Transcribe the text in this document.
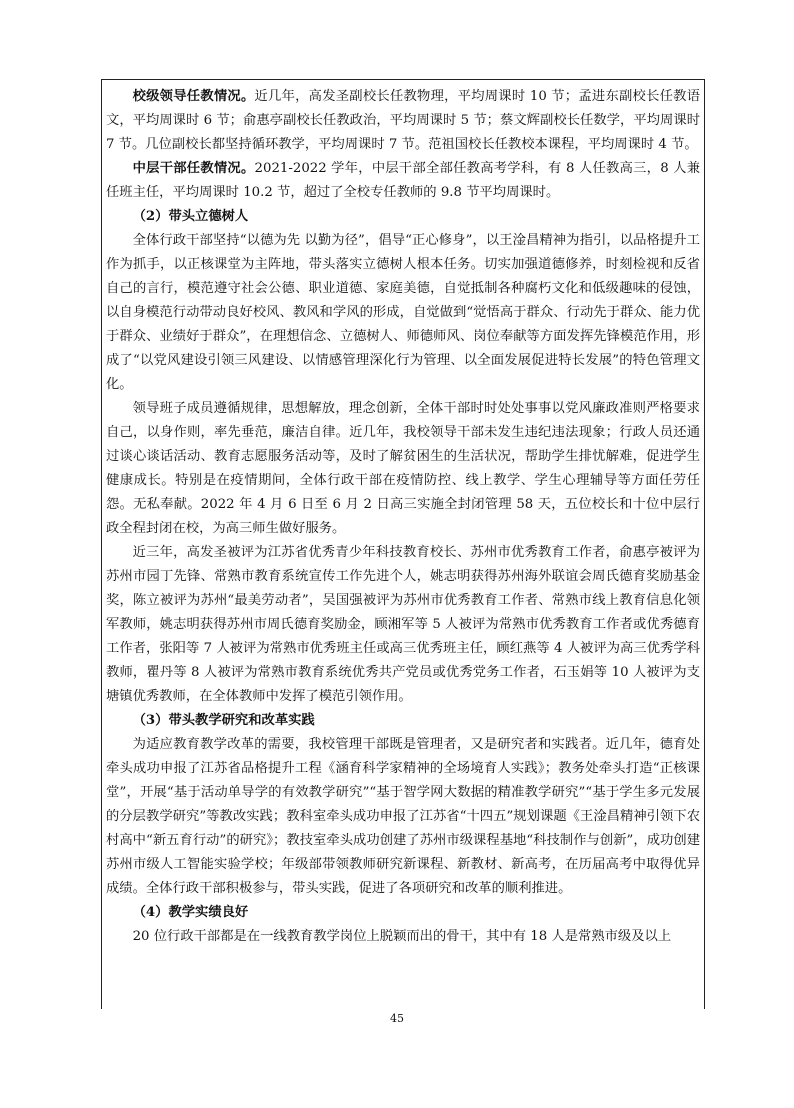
校级领导任教情况。近几年，高发圣副校长任教物理，平均周课时 10 节；孟进东副校长任教语文，平均周课时 6 节；俞惠亭副校长任教政治，平均周课时 5 节；蔡文辉副校长任数学，平均周课时 7 节。几位副校长都坚持循环教学，平均周课时 7 节。范祖国校长任教校本课程，平均周课时 4 节。

中层干部任教情况。2021-2022 学年，中层干部全部任教高考学科，有 8 人任教高三，8 人兼任班主任，平均周课时 10.2 节，超过了全校专任教师的 9.8 节平均周课时。

（2）带头立德树人

全体行政干部坚持“以德为先 以勤为径”，倡导“正心修身”，以王淦昌精神为指引，以品格提升工作为抓手，以正核课堂为主阵地，带头落实立德树人根本任务。切实加强道德修养，时刻检视和反省自己的言行，模范遵守社会公德、职业道德、家庭美德，自觉抵制各种腐朽文化和低级趣味的侵蚀，以自身模范行动带动良好校风、教风和学风的形成，自觉做到“觉悟高于群众、行动先于群众、能力优于群众、业绩好于群众”，在理想信念、立德树人、师德师风、岗位奉献等方面发挥先锋模范作用，形成了“以党风建设引领三风建设、以情感管理深化行为管理、以全面发展促进特长发展”的特色管理文化。

领导班子成员遵循规律，思想解放，理念创新，全体干部时时处处事事以党风廉政准则严格要求自己，以身作则，率先垂范，廉洁自律。近几年，我校领导干部未发生违纪违法现象；行政人员还通过谈心谈话活动、教育志愿服务活动等，及时了解贫困生的生活状况，帮助学生排忧解难，促进学生健康成长。特别是在疫情期间，全体行政干部在疫情防控、线上教学、学生心理辅导等方面任劳任怨。无私奉献。2022 年 4 月 6 日至 6 月 2 日高三实施全封闭管理 58 天，五位校长和十位中层行政全程封闭在校，为高三师生做好服务。

近三年，高发圣被评为江苏省优秀青少年科技教育校长、苏州市优秀教育工作者，俞惠亭被评为苏州市园丁先锋、常熟市教育系统宣传工作先进个人，姚志明获得苏州海外联谊会周氏德育奖励基金奖，陈立被评为苏州“最美劳动者”，吴国强被评为苏州市优秀教育工作者、常熟市线上教育信息化领军教师，姚志明获得苏州市周氏德育奖励金，顾湘军等 5 人被评为常熟市优秀教育工作者或优秀德育工作者，张阳等 7 人被评为常熟市优秀班主任或高三优秀班主任，顾红燕等 4 人被评为高三优秀学科教师，瞿丹等 8 人被评为常熟市教育系统优秀共产党员或优秀党务工作者，石玉娟等 10 人被评为支塘镇优秀教师，在全体教师中发挥了模范引领作用。

（3）带头教学研究和改革实践

为适应教育教学改革的需要，我校管理干部既是管理者，又是研究者和实践者。近几年，德育处牵头成功申报了江苏省品格提升工程《涵育科学家精神的全场境育人实践》；教务处牵头打造“正核课堂”，开展“基于活动单导学的有效教学研究”“基于智学网大数据的精准教学研究”“基于学生多元发展的分层教学研究”等教改实践；教科室牵头成功申报了江苏省“十四五”规划课题《王淦昌精神引领下农村高中“新五育行动”的研究》；教技室牵头成功创建了苏州市级课程基地“科技制作与创新”，成功创建苏州市级人工智能实验学校；年级部带领教师研究新课程、新教材、新高考，在历届高考中取得优异成绩。全体行政干部积极参与，带头实践，促进了各项研究和改革的顺利推进。

（4）教学实绩良好

20 位行政干部都是在一线教育教学岗位上脱颖而出的骨干，其中有 18 人是常熟市级及以上

45
